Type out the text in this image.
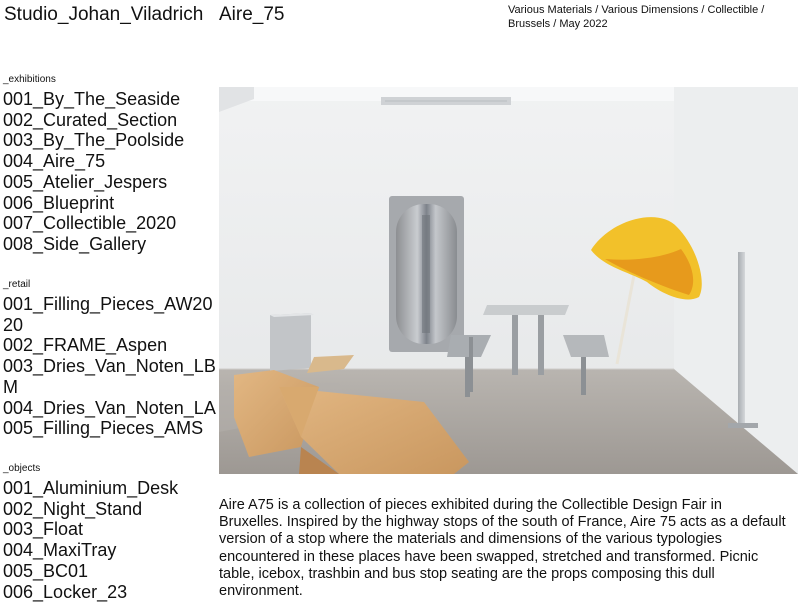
Studio_Johan_Viladrich Aire_75	Various Materials / Various Dimensions / Collectible / Brussels / May 2022
_exhibitions
001_By_The_Seaside
002_Curated_Section
003_By_The_Poolside
004_Aire_75
005_Atelier_Jespers
006_Blueprint
007_Collectible_2020
008_Side_Gallery
_retail
001_Filling_Pieces_AW2020
002_FRAME_Aspen
003_Dries_Van_Noten_LBM
004_Dries_Van_Noten_LA
005_Filling_Pieces_AMS
_objects
001_Aluminium_Desk
002_Night_Stand
003_Float
004_MaxiTray
005_BC01
006_Locker_23

Aire A75 is a collection of pieces exhibited during the Collectible Design Fair in Bruxelles. Inspired by the highway stops of the south of France, Aire 75 acts as a default version of a stop where the materials and dimensions of the various typologies encountered in these places have been swapped, stretched and transformed. Picnic table, icebox, trashbin and bus stop seating are the props composing this dull environment.
